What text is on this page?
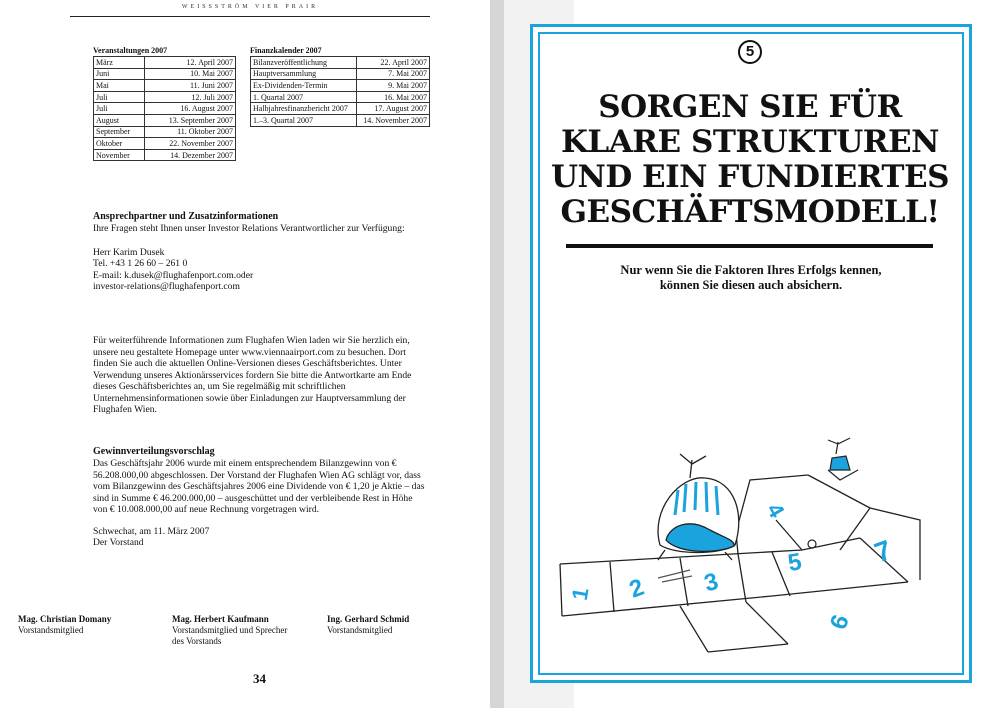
WEISSSTRÖM VIER PRAIR
Veranstaltungen 2007
März	12. April 2007
Juni	10. Mai 2007
Mai	11. Juni 2007
Juli	12. Juli 2007
Juli	16. August 2007
August	13. September 2007
September	11. Oktober 2007
Oktober	22. November 2007
November	14. Dezember 2007
Finanzkalender 2007
Bilanzveröffentlichung	22. April 2007
Hauptversammlung	7. Mai 2007
Ex-Dividenden-Termin	9. Mai 2007
1. Quartal 2007	16. Mai 2007
Halbjahresfinanzbericht 2007	17. August 2007
1.–3. Quartal 2007	14. November 2007
Ansprechpartner und Zusatzinformationen

Ihre Fragen steht Ihnen unser Investor Relations Verantwortlicher zur Verfügung:

Herr Karim Dusek

Tel. +43 1 26 60 – 261 0

E-mail: k.dusek@flughafenport.com.oder

investor-relations@flughafenport.com

Für weiterführende Informationen zum Flughafen Wien laden wir Sie herzlich ein, unsere neu gestaltete Homepage unter www.viennaairport.com zu besuchen. Dort finden Sie auch die aktuellen Online-Versionen dieses Geschäftsberichtes. Unter Verwendung unseres Aktionärsservices fordern Sie bitte die Antwortkarte am Ende dieses Geschäftsberichtes an, um Sie regelmäßig mit schriftlichen Unternehmensinformationen sowie über Einladungen zur Hauptversammlung der Flughafen Wien.

Gewinnverteilungsvorschlag

Das Geschäftsjahr 2006 wurde mit einem entsprechendem Bilanzgewinn von € 56.208.000,00 abgeschlossen. Der Vorstand der Flughafen Wien AG schlägt vor, dass vom Bilanzgewinn des Geschäftsjahres 2006 eine Dividende von € 1,20 je Aktie – das sind in Summe € 46.200.000,00 – ausgeschüttet und der verbleibende Rest in Höhe von € 10.008.000,00 auf neue Rechnung vorgetragen wird.

Schwechat, am 11. März 2007

Der Vorstand

Mag. Christian Domany
Vorstandsmitglied
Mag. Herbert Kaufmann
Vorstandsmitglied und Sprecher des Vorstands
Ing. Gerhard Schmid
Vorstandsmitglied
34
5
SORGEN SIE FÜR
KLARE STRUKTUREN
UND EIN FUNDIERTES
GESCHÄFTSMODELL!
Nur wenn Sie die Faktoren Ihres Erfolgs kennen,
können Sie diesen auch absichern.
1 2 3
4
5
6
7
